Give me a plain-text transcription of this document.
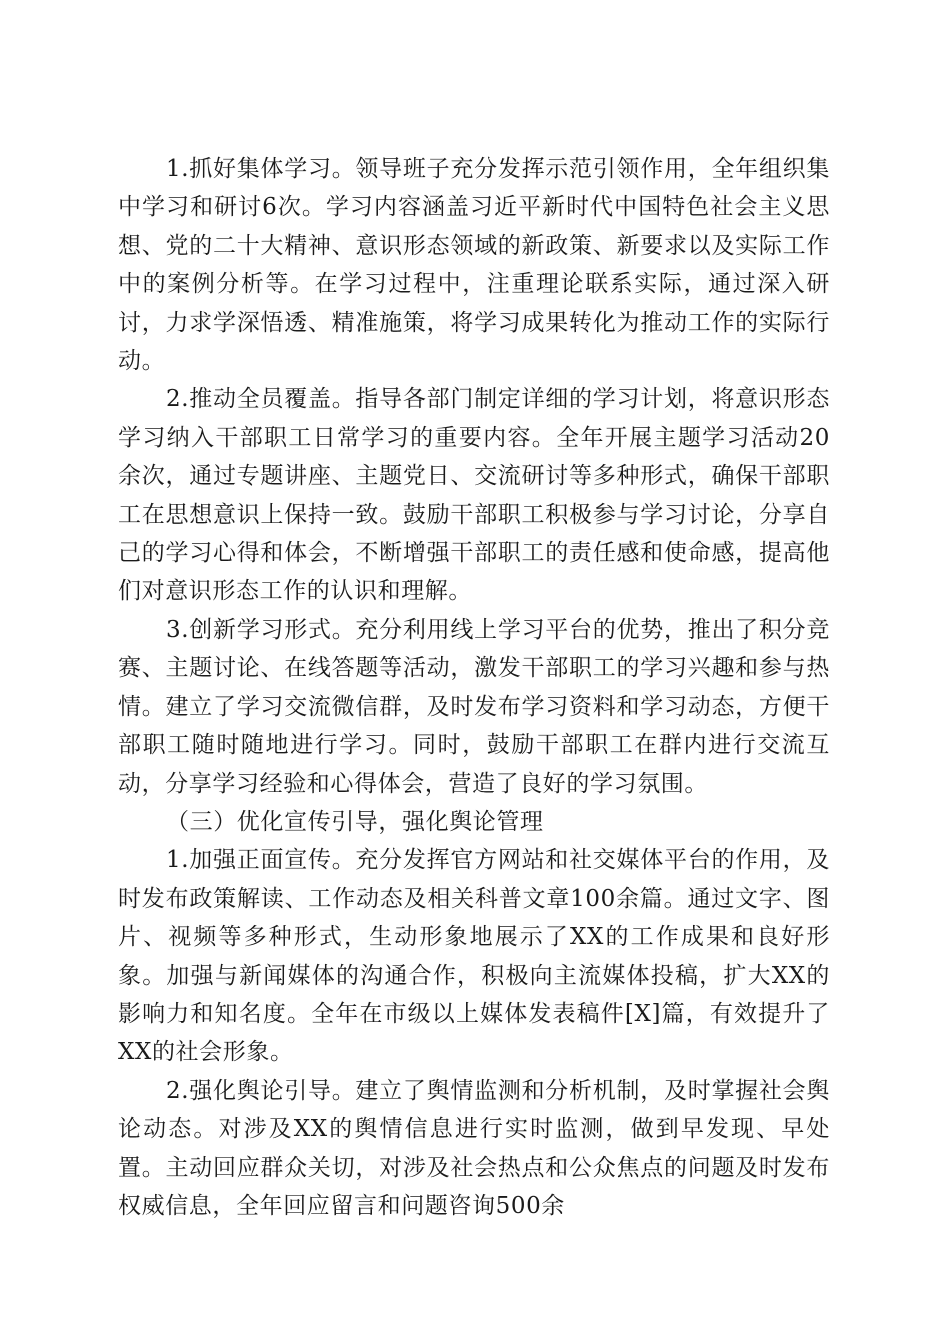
1.抓好集体学习。领导班子充分发挥示范引领作用，全年组织集中学习和研讨6次。学习内容涵盖习近平新时代中国特色社会主义思想、党的二十大精神、意识形态领域的新政策、新要求以及实际工作中的案例分析等。在学习过程中，注重理论联系实际，通过深入研讨，力求学深悟透、精准施策，将学习成果转化为推动工作的实际行动。

2.推动全员覆盖。指导各部门制定详细的学习计划，将意识形态学习纳入干部职工日常学习的重要内容。全年开展主题学习活动20余次，通过专题讲座、主题党日、交流研讨等多种形式，确保干部职工在思想意识上保持一致。鼓励干部职工积极参与学习讨论，分享自己的学习心得和体会，不断增强干部职工的责任感和使命感，提高他们对意识形态工作的认识和理解。

3.创新学习形式。充分利用线上学习平台的优势，推出了积分竞赛、主题讨论、在线答题等活动，激发干部职工的学习兴趣和参与热情。建立了学习交流微信群，及时发布学习资料和学习动态，方便干部职工随时随地进行学习。同时，鼓励干部职工在群内进行交流互动，分享学习经验和心得体会，营造了良好的学习氛围。

（三）优化宣传引导，强化舆论管理

1.加强正面宣传。充分发挥官方网站和社交媒体平台的作用，及时发布政策解读、工作动态及相关科普文章100余篇。通过文字、图片、视频等多种形式，生动形象地展示了XX的工作成果和良好形象。加强与新闻媒体的沟通合作，积极向主流媒体投稿，扩大XX的影响力和知名度。全年在市级以上媒体发表稿件[X]篇，有效提升了XX的社会形象。

2.强化舆论引导。建立了舆情监测和分析机制，及时掌握社会舆论动态。对涉及XX的舆情信息进行实时监测，做到早发现、早处置。主动回应群众关切，对涉及社会热点和公众焦点的问题及时发布权威信息，全年回应留言和问题咨询500余
